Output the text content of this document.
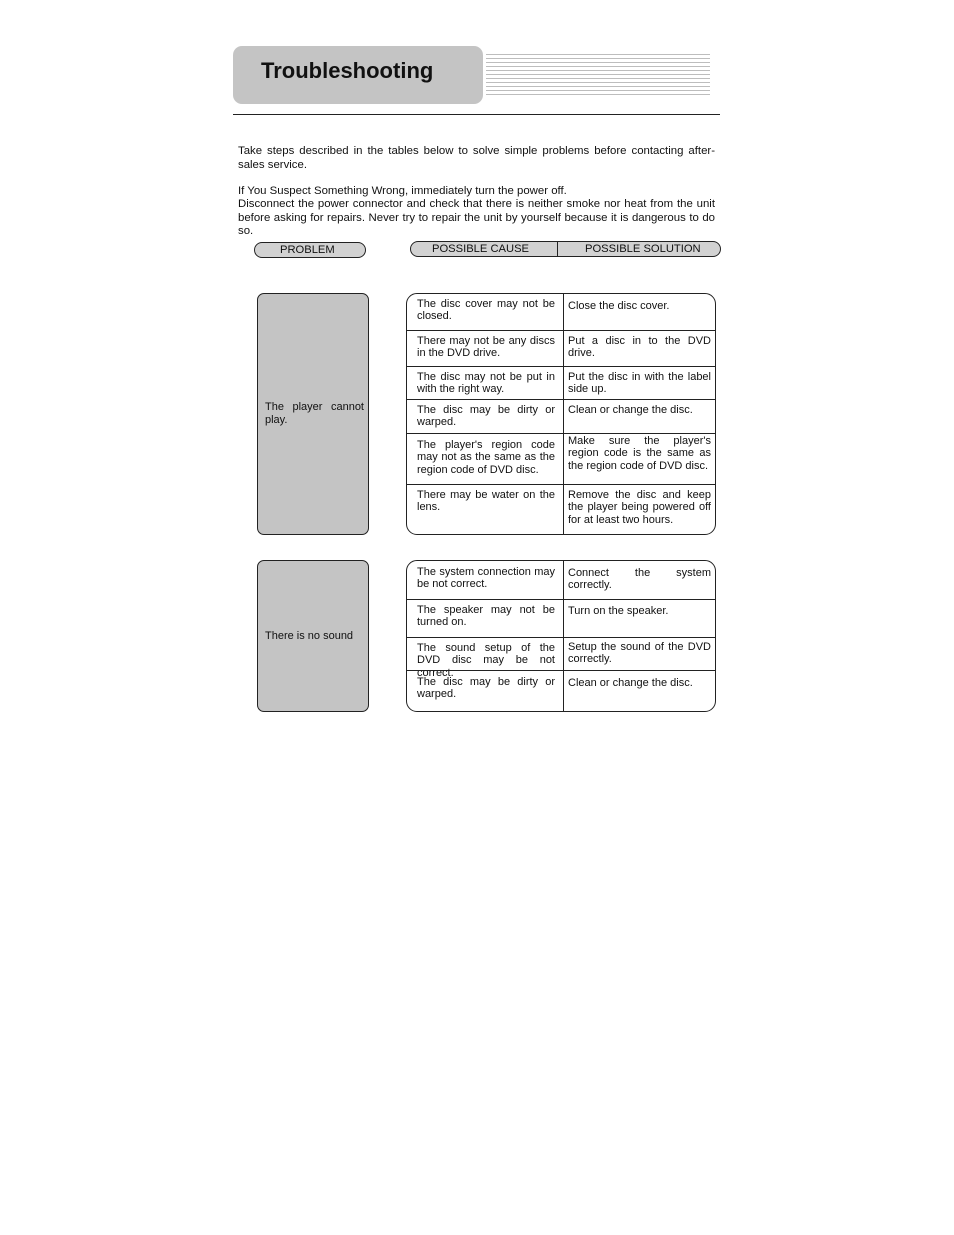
Troubleshooting

Take steps described in the tables below to solve simple problems before contacting after-sales service.

If You Suspect Something Wrong, immediately turn the power off.

Disconnect the power connector and check that there is neither smoke nor heat from the unit before asking for repairs. Never try to repair the unit by yourself because it is dangerous to do so.

PROBLEM	POSSIBLE CAUSE	POSSIBLE SOLUTION
The player cannot play.
The disc cover may not be closed.
Close the disc cover.
There may not be any discs in the DVD drive.
Put a disc in to the DVD drive.
The disc may not be put in with the right way.
Put the disc in with the label side up.
The disc may be dirty or warped.
Clean or change the disc.
The player's region code may not as the same as the region code of DVD disc.
Make sure the player's region code is the same as the region code of DVD disc.
There may be water on the lens.
Remove the disc and keep the player being powered off for at least two hours.
There is no sound
The system connection may be not correct.
Connect the system
correctly.
The speaker may not be turned on.
Turn on the speaker.
The sound setup of the DVD disc may be not correct.
Setup the sound of the DVD correctly.
The disc may be dirty or warped.
Clean or change the disc.
